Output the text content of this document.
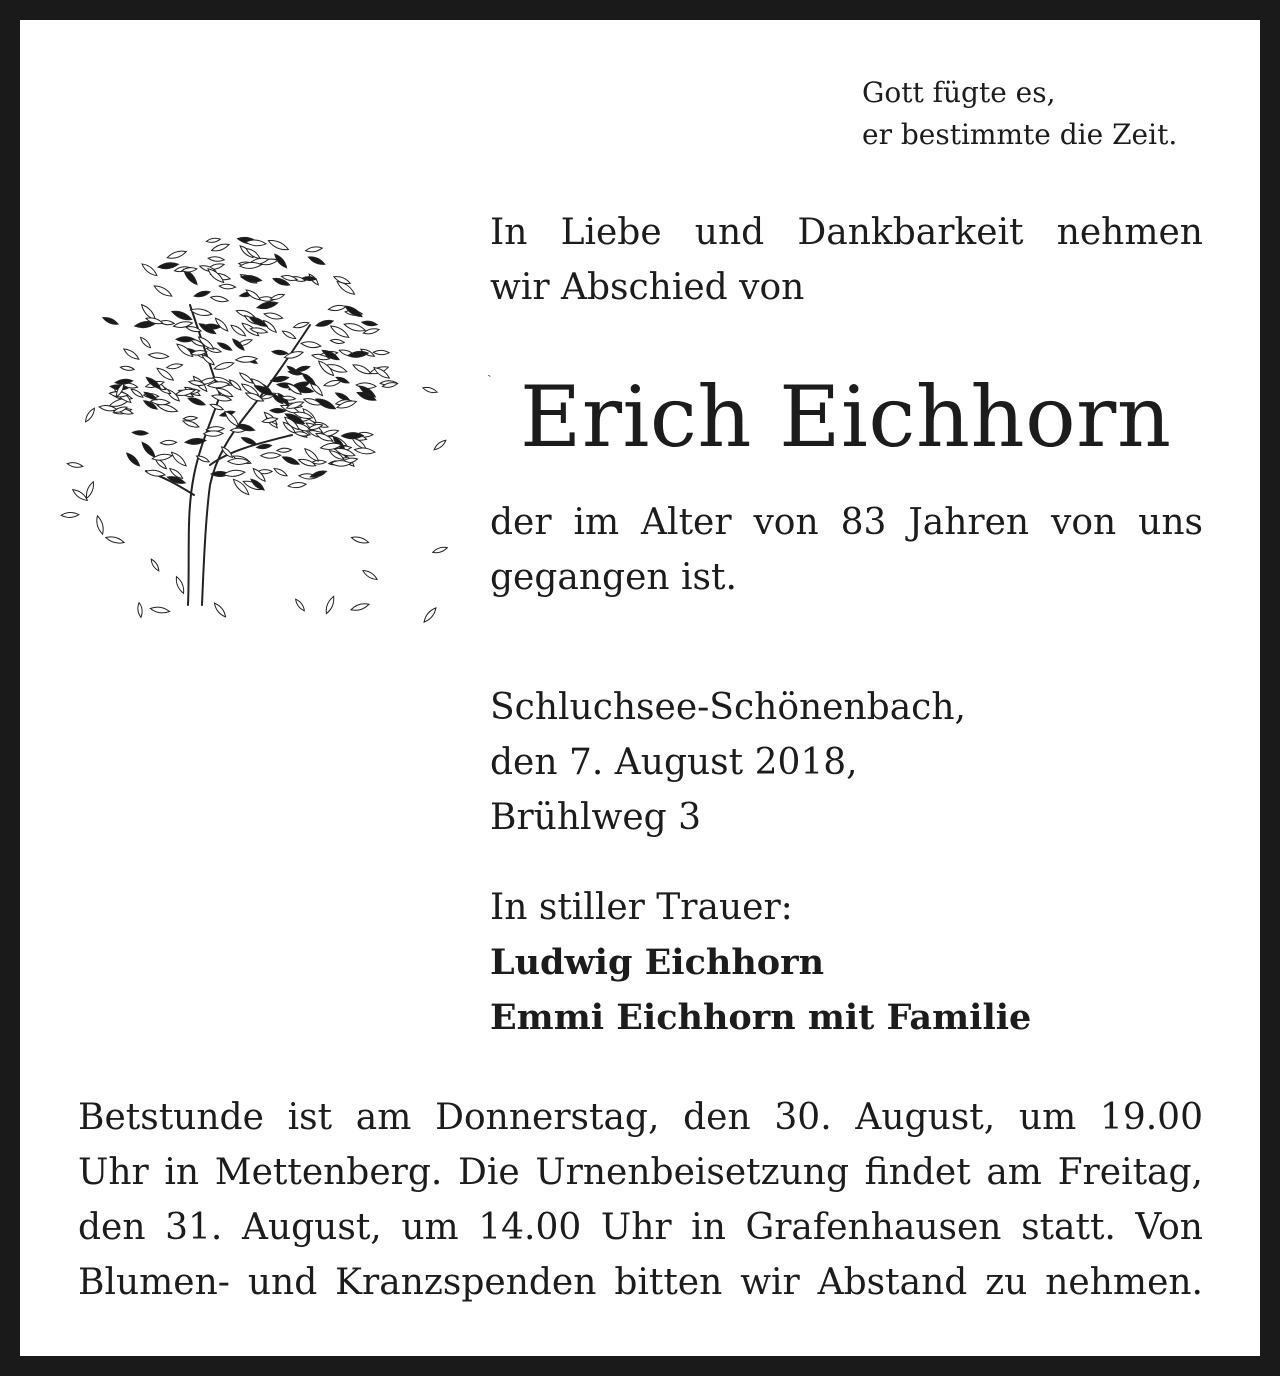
Gott fügte es,
er bestimmte die Zeit.
In Liebe und Dankbarkeit nehmen
wir Abschied von
ˎ Erich Eichhorn
der im Alter von 83 Jahren von uns
gegangen ist.
Schluchsee-Schönenbach,
den 7. August 2018,
Brühlweg 3
In stiller Trauer:
Ludwig Eichhorn
Emmi Eichhorn mit Familie
Betstunde ist am Donnerstag, den 30. August, um 19.00
Uhr in Mettenberg. Die Urnenbeisetzung findet am Freitag,
den 31. August, um 14.00 Uhr in Grafenhausen statt. Von
Blumen- und Kranzspenden bitten wir Abstand zu nehmen.
